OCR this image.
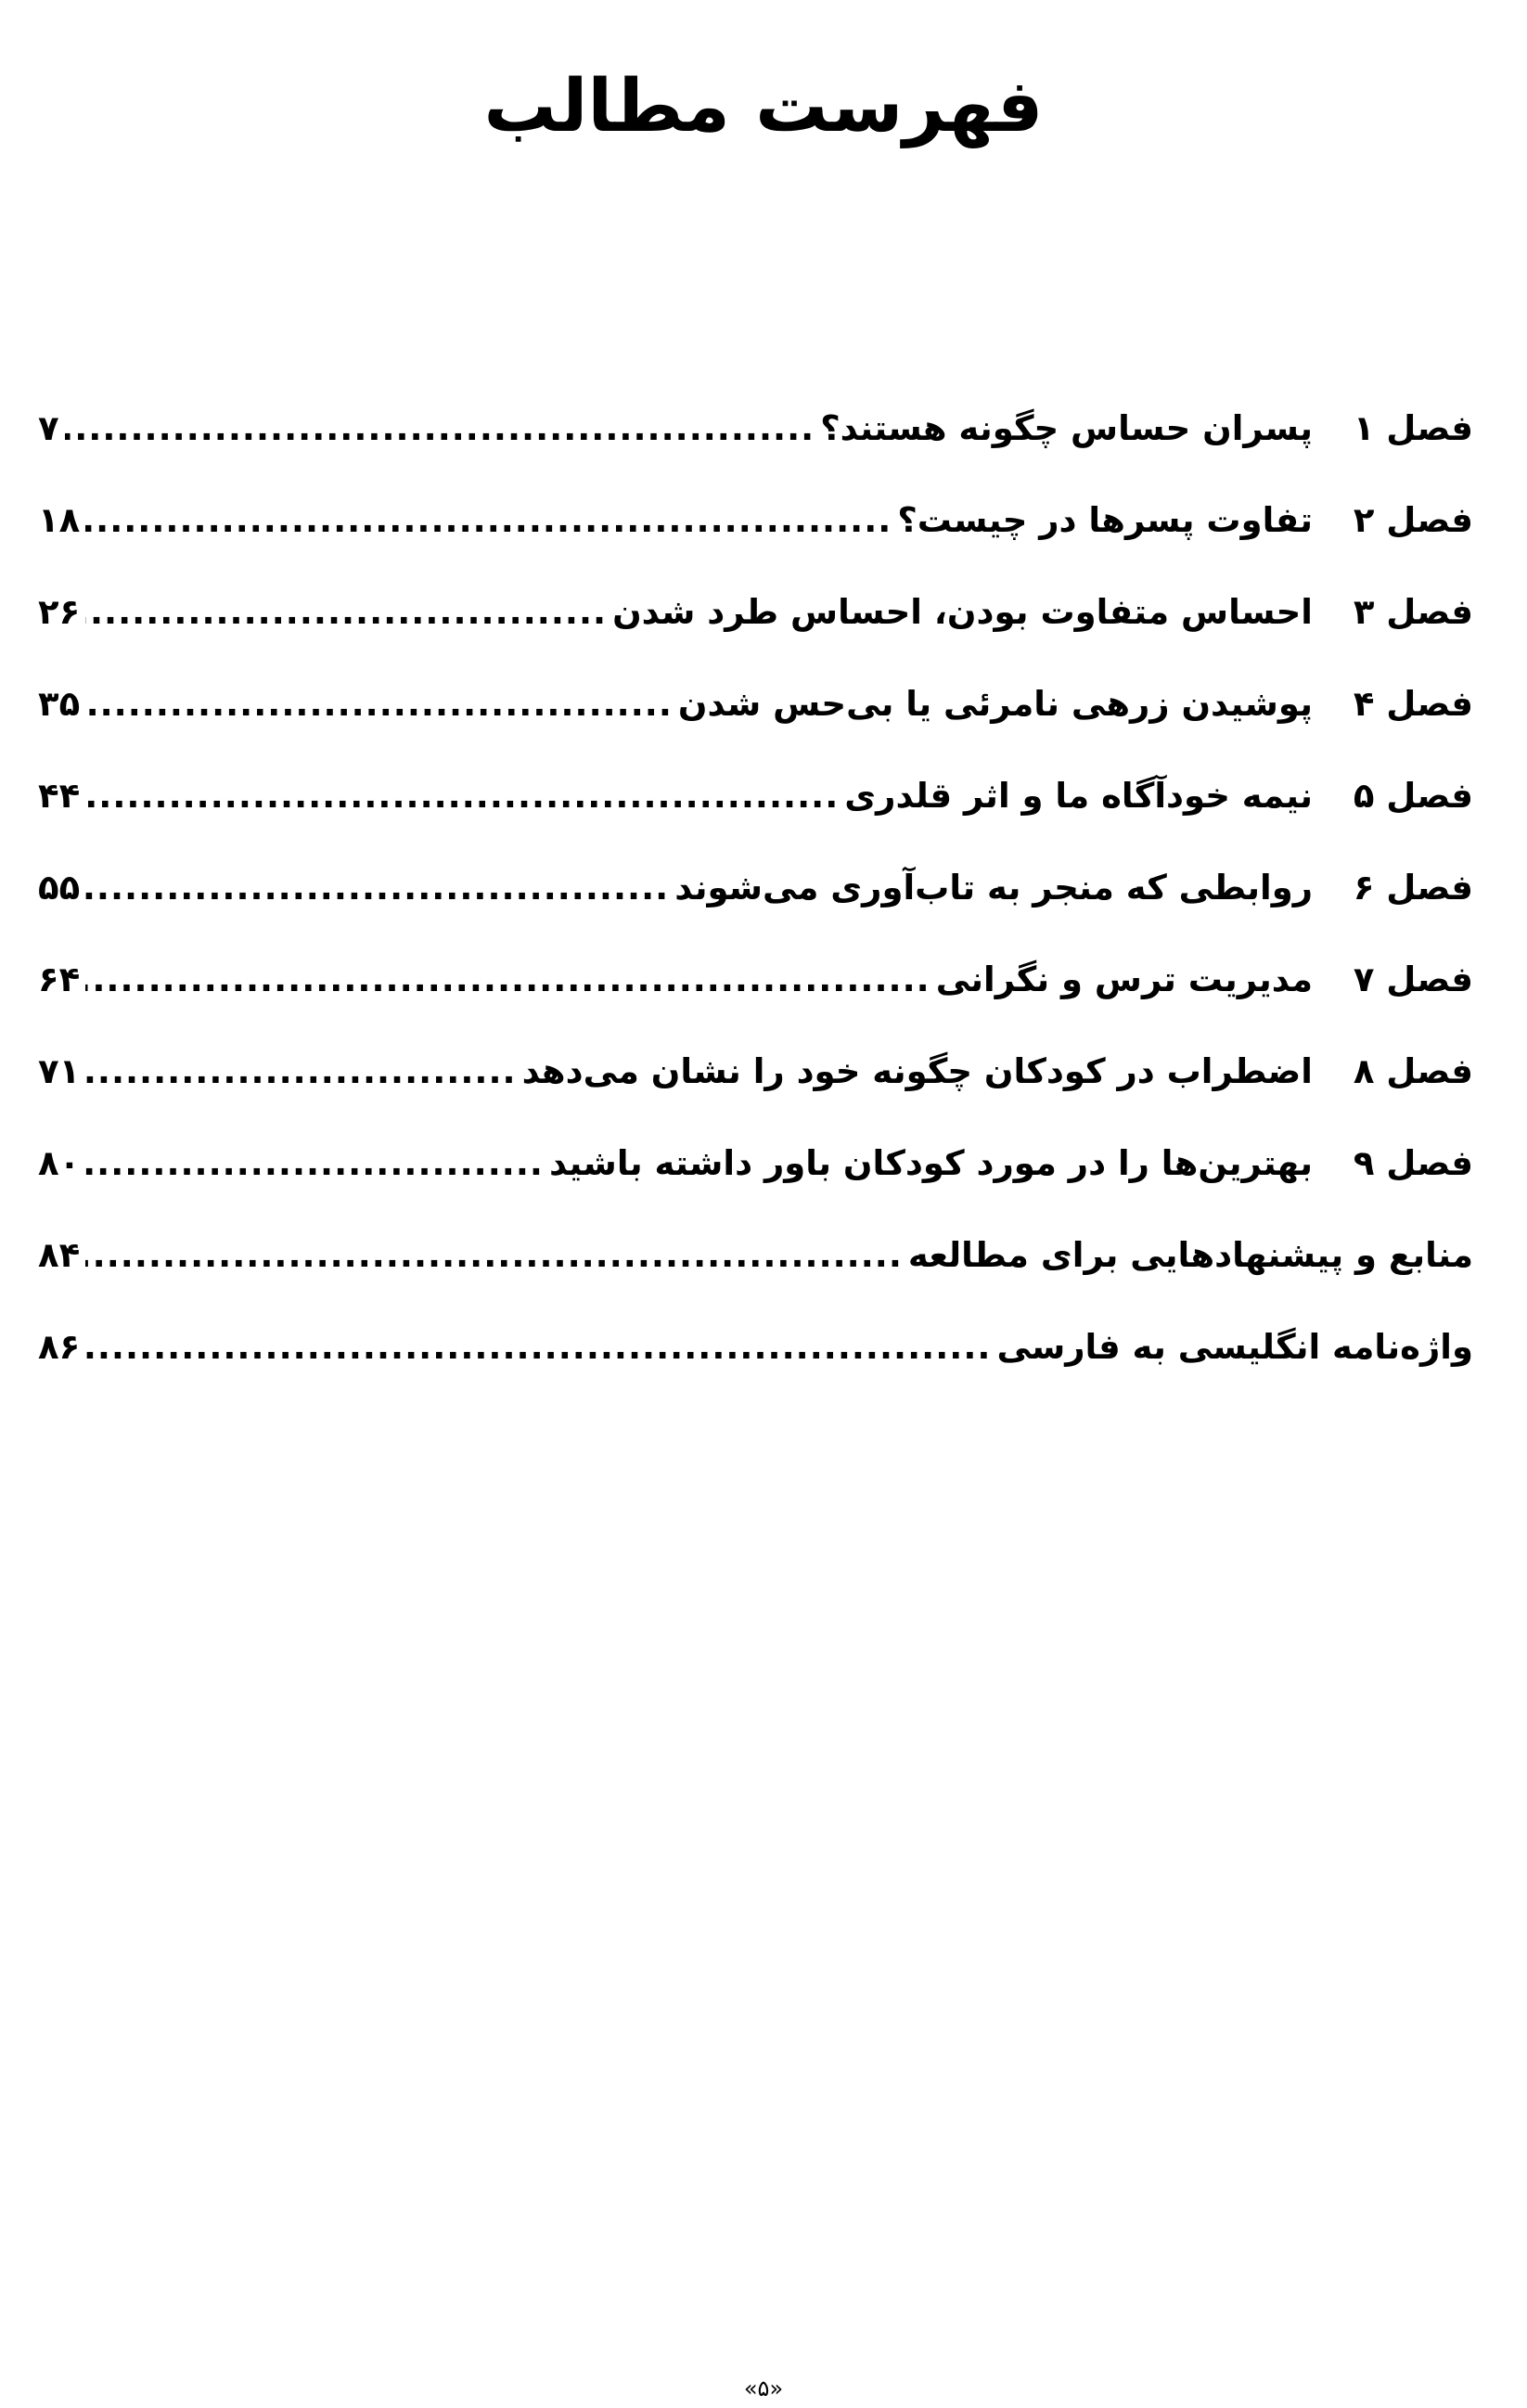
فهرست مطالب
فصل ۱
پسران حساس چگونه هستند؟
.....
۷
فصل ۲
تفاوت پسرها در چیست؟
.....
۱۸
فصل ۳
احساس متفاوت بودن، احساس طرد شدن
.....
۲۶
فصل ۴
پوشیدن زرهی نامرئی یا بی‌حس شدن
.....
۳۵
فصل ۵
نیمه خودآگاه ما و اثر قلدری
.....
۴۴
فصل ۶
روابطی که منجر به تاب‌آوری می‌شوند
.....
۵۵
فصل ۷
مدیریت ترس و نگرانی
.....
۶۴
فصل ۸
اضطراب در کودکان چگونه خود را نشان می‌دهد
.....
۷۱
فصل ۹
بهترین‌ها را در مورد کودکان باور داشته باشید
.....
۸۰
منابع و پیشنهادهایی برای مطالعه
.....
۸۴
واژه‌نامه انگلیسی به فارسی
.....
۸۶
«۵»
